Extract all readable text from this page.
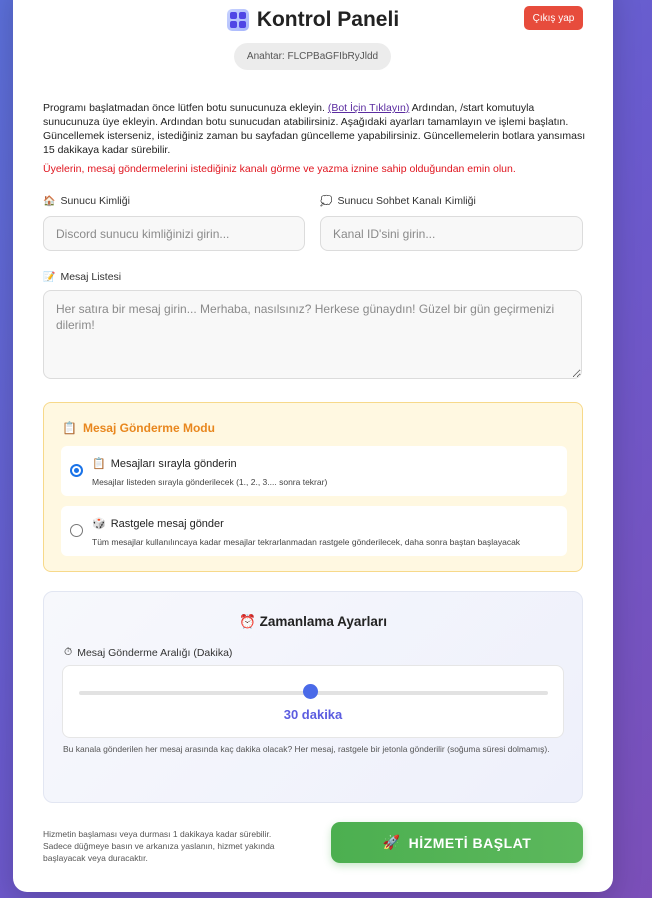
Kontrol Paneli	Çıkış yap
Anahtar: FLCPBaGFIbRyJldd
Programı başlatmadan önce lütfen botu sunucunuza ekleyin. (Bot İçin Tıklayın) Ardından, /start komutuyla sunucunuza üye ekleyin. Ardından botu sunucudan atabilirsiniz. Aşağıdaki ayarları tamamlayın ve işlemi başlatın. Güncellemek isterseniz, istediğiniz zaman bu sayfadan güncelleme yapabilirsiniz. Güncellemelerin botlara yansıması 15 dakikaya kadar sürebilir.
Üyelerin, mesaj göndermelerini istediğiniz kanalı görme ve yazma iznine sahip olduğundan emin olun.
🏠 Sunucu Kimliği
Discord sunucu kimliğinizi girin...	💭 Sunucu Sohbet Kanalı Kimliği
Kanal ID'sini girin...
📝 Mesaj Listesi
Her satıra bir mesaj girin... Merhaba, nasılsınız? Herkese günaydın! Güzel bir gün geçirmenizi dilerim!
📋 Mesaj Gönderme Modu
📋 Mesajları sırayla gönderin
Mesajlar listeden sırayla gönderilecek (1., 2., 3.... sonra tekrar)
🎲 Rastgele mesaj gönder
Tüm mesajlar kullanılıncaya kadar mesajlar tekrarlanmadan rastgele gönderilecek, daha sonra baştan başlayacak
⏰ Zamanlama Ayarları
⏱ Mesaj Gönderme Aralığı (Dakika)
30 dakika
Bu kanala gönderilen her mesaj arasında kaç dakika olacak? Her mesaj, rastgele bir jetonla gönderilir (soğuma süresi dolmamış).
Hizmetin başlaması veya durması 1 dakikaya kadar sürebilir. Sadece düğmeye basın ve arkanıza yaslanın, hizmet yakında başlayacak veya duracaktır.
🚀 HİZMETİ BAŞLAT
